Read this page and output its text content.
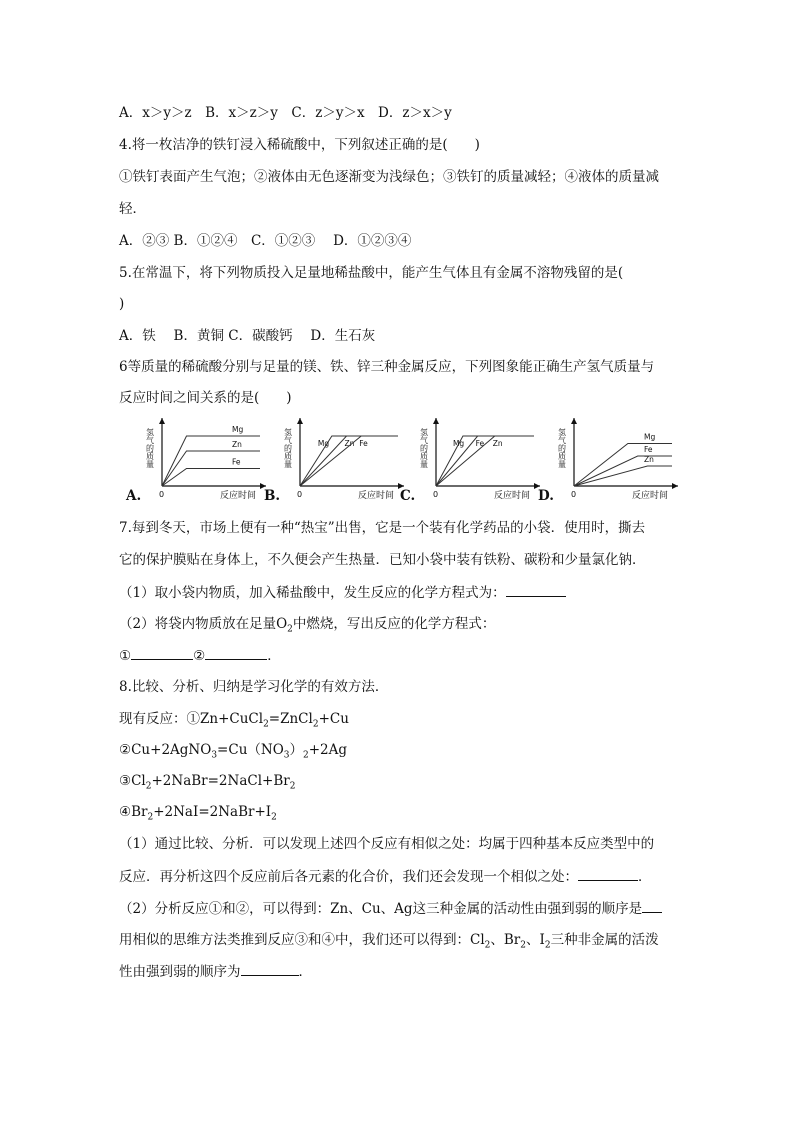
A．x＞y＞z　B．x＞z＞y　C．z＞y＞x　D．z＞x＞y
4.将一枚洁净的铁钉浸入稀硫酸中，下列叙述正确的是(　　)
①铁钉表面产生气泡；②液体由无色逐渐变为浅绿色；③铁钉的质量减轻；④液体的质量减
轻．
A．②③ B．①②④　C．①②③　 D．①②③④
5.在常温下，将下列物质投入足量地稀盐酸中，能产生气体且有金属不溶物残留的是(
)
A．铁　 B．黄铜 C．碳酸钙　 D．生石灰
6等质量的稀硫酸分别与足量的镁、铁、锌三种金属反应，下列图象能正确生产氢气质量与
反应时间之间关系的是(　　)
氢气的质量
0	反应时间
Mg
Zn
Fe	氢气的质量
0	反应时间
Mg Zn Fe	氢气的质量
0	反应时间
Mg Fe Zn	氢气的质量
0	反应时间
Mg
Fe
Zn
7.每到冬天，市场上便有一种“热宝”出售，它是一个装有化学药品的小袋．使用时，撕去
它的保护膜贴在身体上，不久便会产生热量．已知小袋中装有铁粉、碳粉和少量氯化钠．
（1）取小袋内物质，加入稀盐酸中，发生反应的化学方程式为：
（2）将袋内物质放在足量$O_2$中燃烧，写出反应的化学方程式：
①	②	．
8.比较、分析、归纳是学习化学的有效方法．
现有反应：①Zn+CuCl$_2$=ZnCl$_2$+Cu
$②Cu+2AgNO_3=Cu(NO_3)_2+2Ag$
$③Cl_2+2NaBr=2NaCl+Br_2$
$④Br_2+2NaI=2NaBr+I_2$
（1）通过比较、分析．可以发现上述四个反应有相似之处：均属于四种基本反应类型中的
反应．再分析这四个反应前后各元素的化合价，我们还会发现一个相似之处：	．
（2）分析反应①和②，可以得到：Zn、Cu、Ag这三种金属的活动性由强到弱的顺序是
用相似的思维方法类推到反应③和④中，我们还可以得到：$Cl_2$、$Br_2$、$I_2$三种非金属的活泼
性由强到弱的顺序为	．
A.	B.	C.	D.
